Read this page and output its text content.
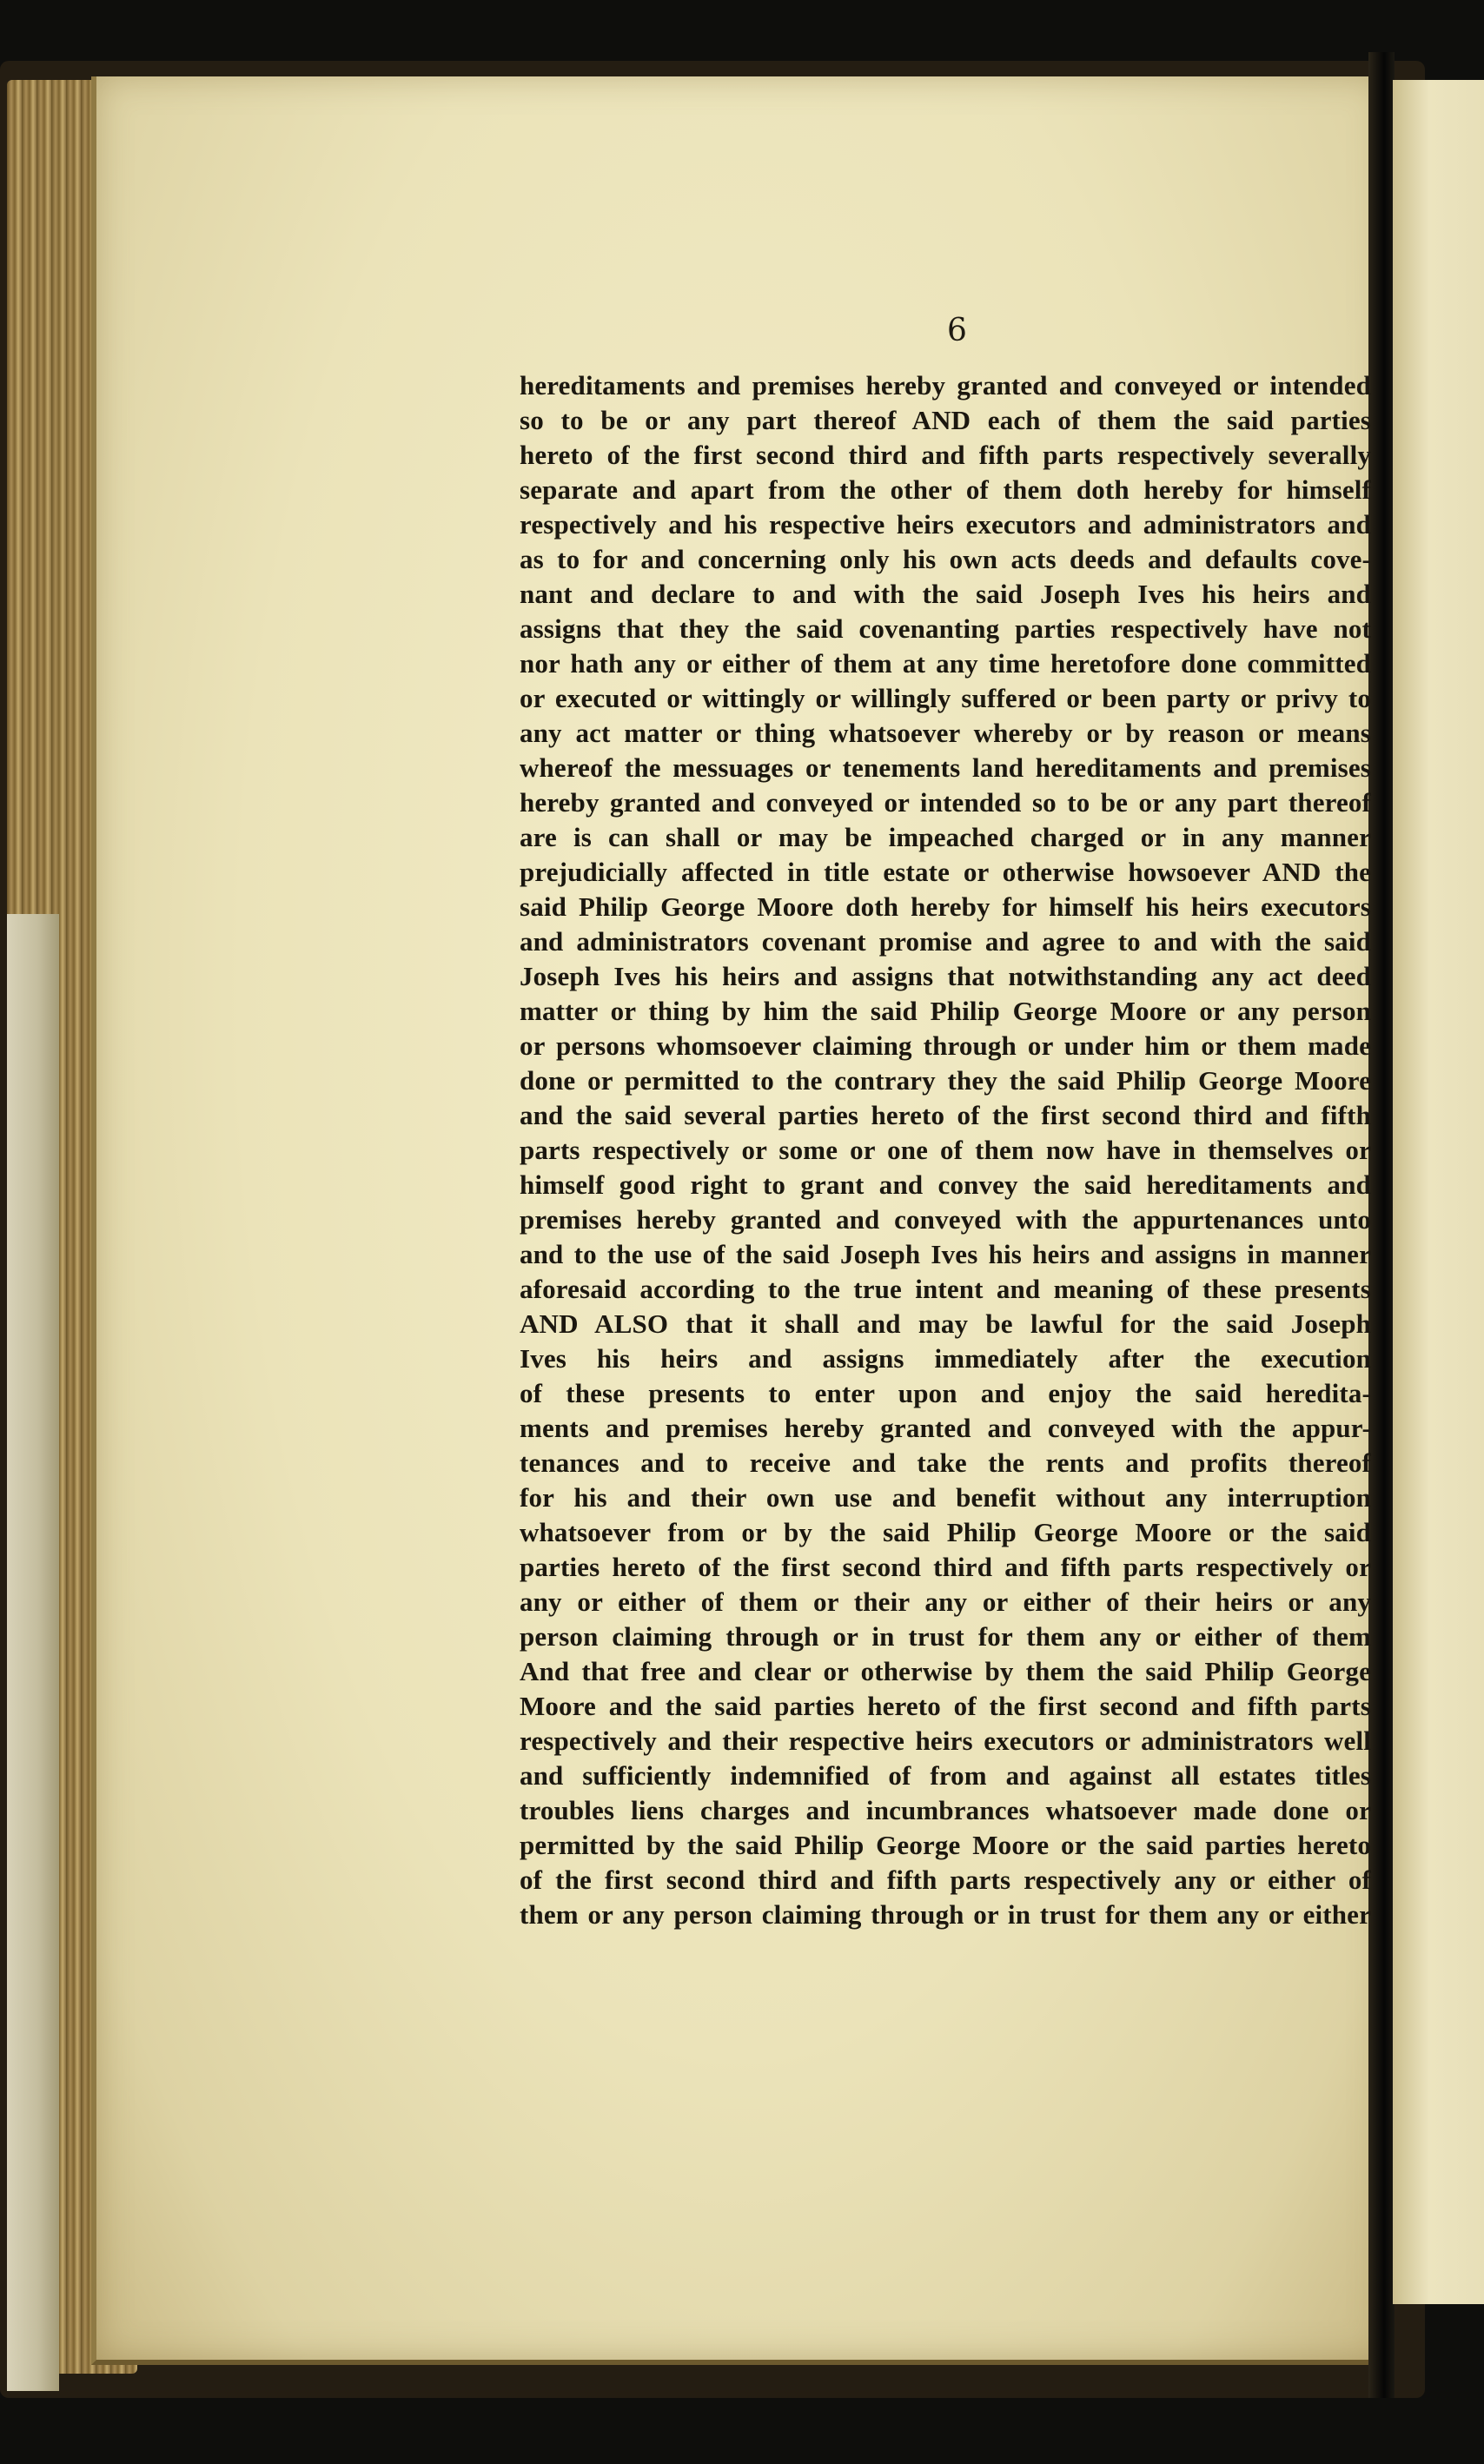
6
hereditaments and premises hereby granted and conveyed or intended
so to be or any part thereof AND each of them the said parties
hereto of the first second third and fifth parts respectively severally
separate and apart from the other of them doth hereby for himself
respectively and his respective heirs executors and administrators and
as to for and concerning only his own acts deeds and defaults cove-
nant and declare to and with the said Joseph Ives his heirs and
assigns that they the said covenanting parties respectively have not
nor hath any or either of them at any time heretofore done committed
or executed or wittingly or willingly suffered or been party or privy to
any act matter or thing whatsoever whereby or by reason or means
whereof the messuages or tenements land hereditaments and premises
hereby granted and conveyed or intended so to be or any part thereof
are is can shall or may be impeached charged or in any manner
prejudicially affected in title estate or otherwise howsoever AND the
said Philip George Moore doth hereby for himself his heirs executors
and administrators covenant promise and agree to and with the said
Joseph Ives his heirs and assigns that notwithstanding any act deed
matter or thing by him the said Philip George Moore or any person
or persons whomsoever claiming through or under him or them made
done or permitted to the contrary they the said Philip George Moore
and the said several parties hereto of the first second third and fifth
parts respectively or some or one of them now have in themselves or
himself good right to grant and convey the said hereditaments and
premises hereby granted and conveyed with the appurtenances unto
and to the use of the said Joseph Ives his heirs and assigns in manner
aforesaid according to the true intent and meaning of these presents
AND ALSO that it shall and may be lawful for the said Joseph
Ives his heirs and assigns immediately after the execution
of these presents to enter upon and enjoy the said heredita-
ments and premises hereby granted and conveyed with the appur-
tenances and to receive and take the rents and profits thereof
for his and their own use and benefit without any interruption
whatsoever from or by the said Philip George Moore or the said
parties hereto of the first second third and fifth parts respectively or
any or either of them or their any or either of their heirs or any
person claiming through or in trust for them any or either of them
And that free and clear or otherwise by them the said Philip George
Moore and the said parties hereto of the first second and fifth parts
respectively and their respective heirs executors or administrators well
and sufficiently indemnified of from and against all estates titles
troubles liens charges and incumbrances whatsoever made done or
permitted by the said Philip George Moore or the said parties hereto
of the first second third and fifth parts respectively any or either of
them or any person claiming through or in trust for them any or either
